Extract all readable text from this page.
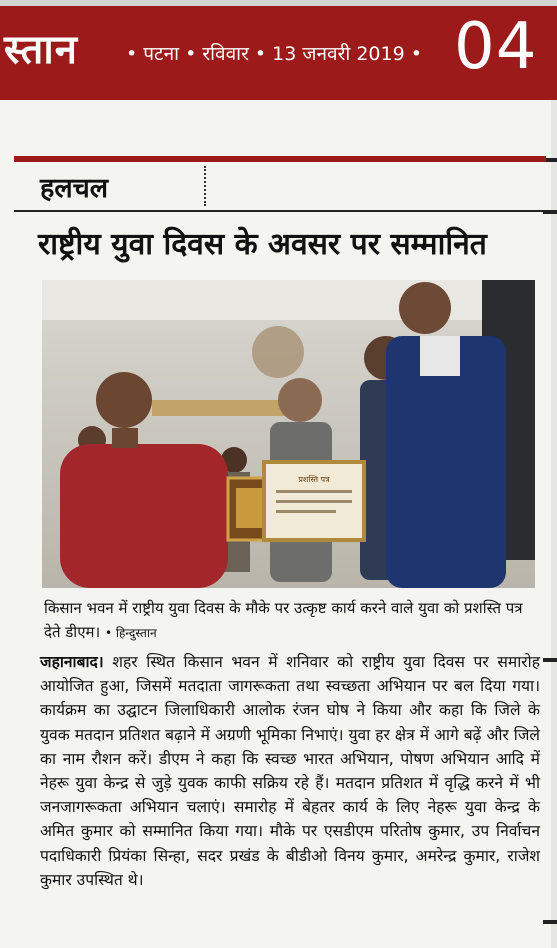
स्तान	• पटना • रविवार • 13 जनवरी 2019 • 04
हलचल
राष्ट्रीय युवा दिवस के अवसर पर सम्मानित
प्रशस्ति पत्र
किसान भवन में राष्ट्रीय युवा दिवस के मौके पर उत्कृष्ट कार्य करने वाले युवा को प्रशस्ति पत्र देते डीएम। • हिन्दुस्तान
जहानाबाद। शहर स्थित किसान भवन में शनिवार को राष्ट्रीय युवा दिवस पर समारोह आयोजित हुआ, जिसमें मतदाता जागरूकता तथा स्वच्छता अभियान पर बल दिया गया। कार्यक्रम का उद्घाटन जिलाधिकारी आलोक रंजन घोष ने किया और कहा कि जिले के युवक मतदान प्रतिशत बढ़ाने में अग्रणी भूमिका निभाएं। युवा हर क्षेत्र में आगे बढ़ें और जिले का नाम रौशन करें। डीएम ने कहा कि स्वच्छ भारत अभियान, पोषण अभियान आदि में नेहरू युवा केन्द्र से जुड़े युवक काफी सक्रिय रहे हैं। मतदान प्रतिशत में वृद्धि करने में भी जनजागरूकता अभियान चलाएं। समारोह में बेहतर कार्य के लिए नेहरू युवा केन्द्र के अमित कुमार को सम्मानित किया गया। मौके पर एसडीएम परितोष कुमार, उप निर्वाचन पदाधिकारी प्रियंका सिन्हा, सदर प्रखंड के बीडीओ विनय कुमार, अमरेन्द्र कुमार, राजेश कुमार उपस्थित थे।
